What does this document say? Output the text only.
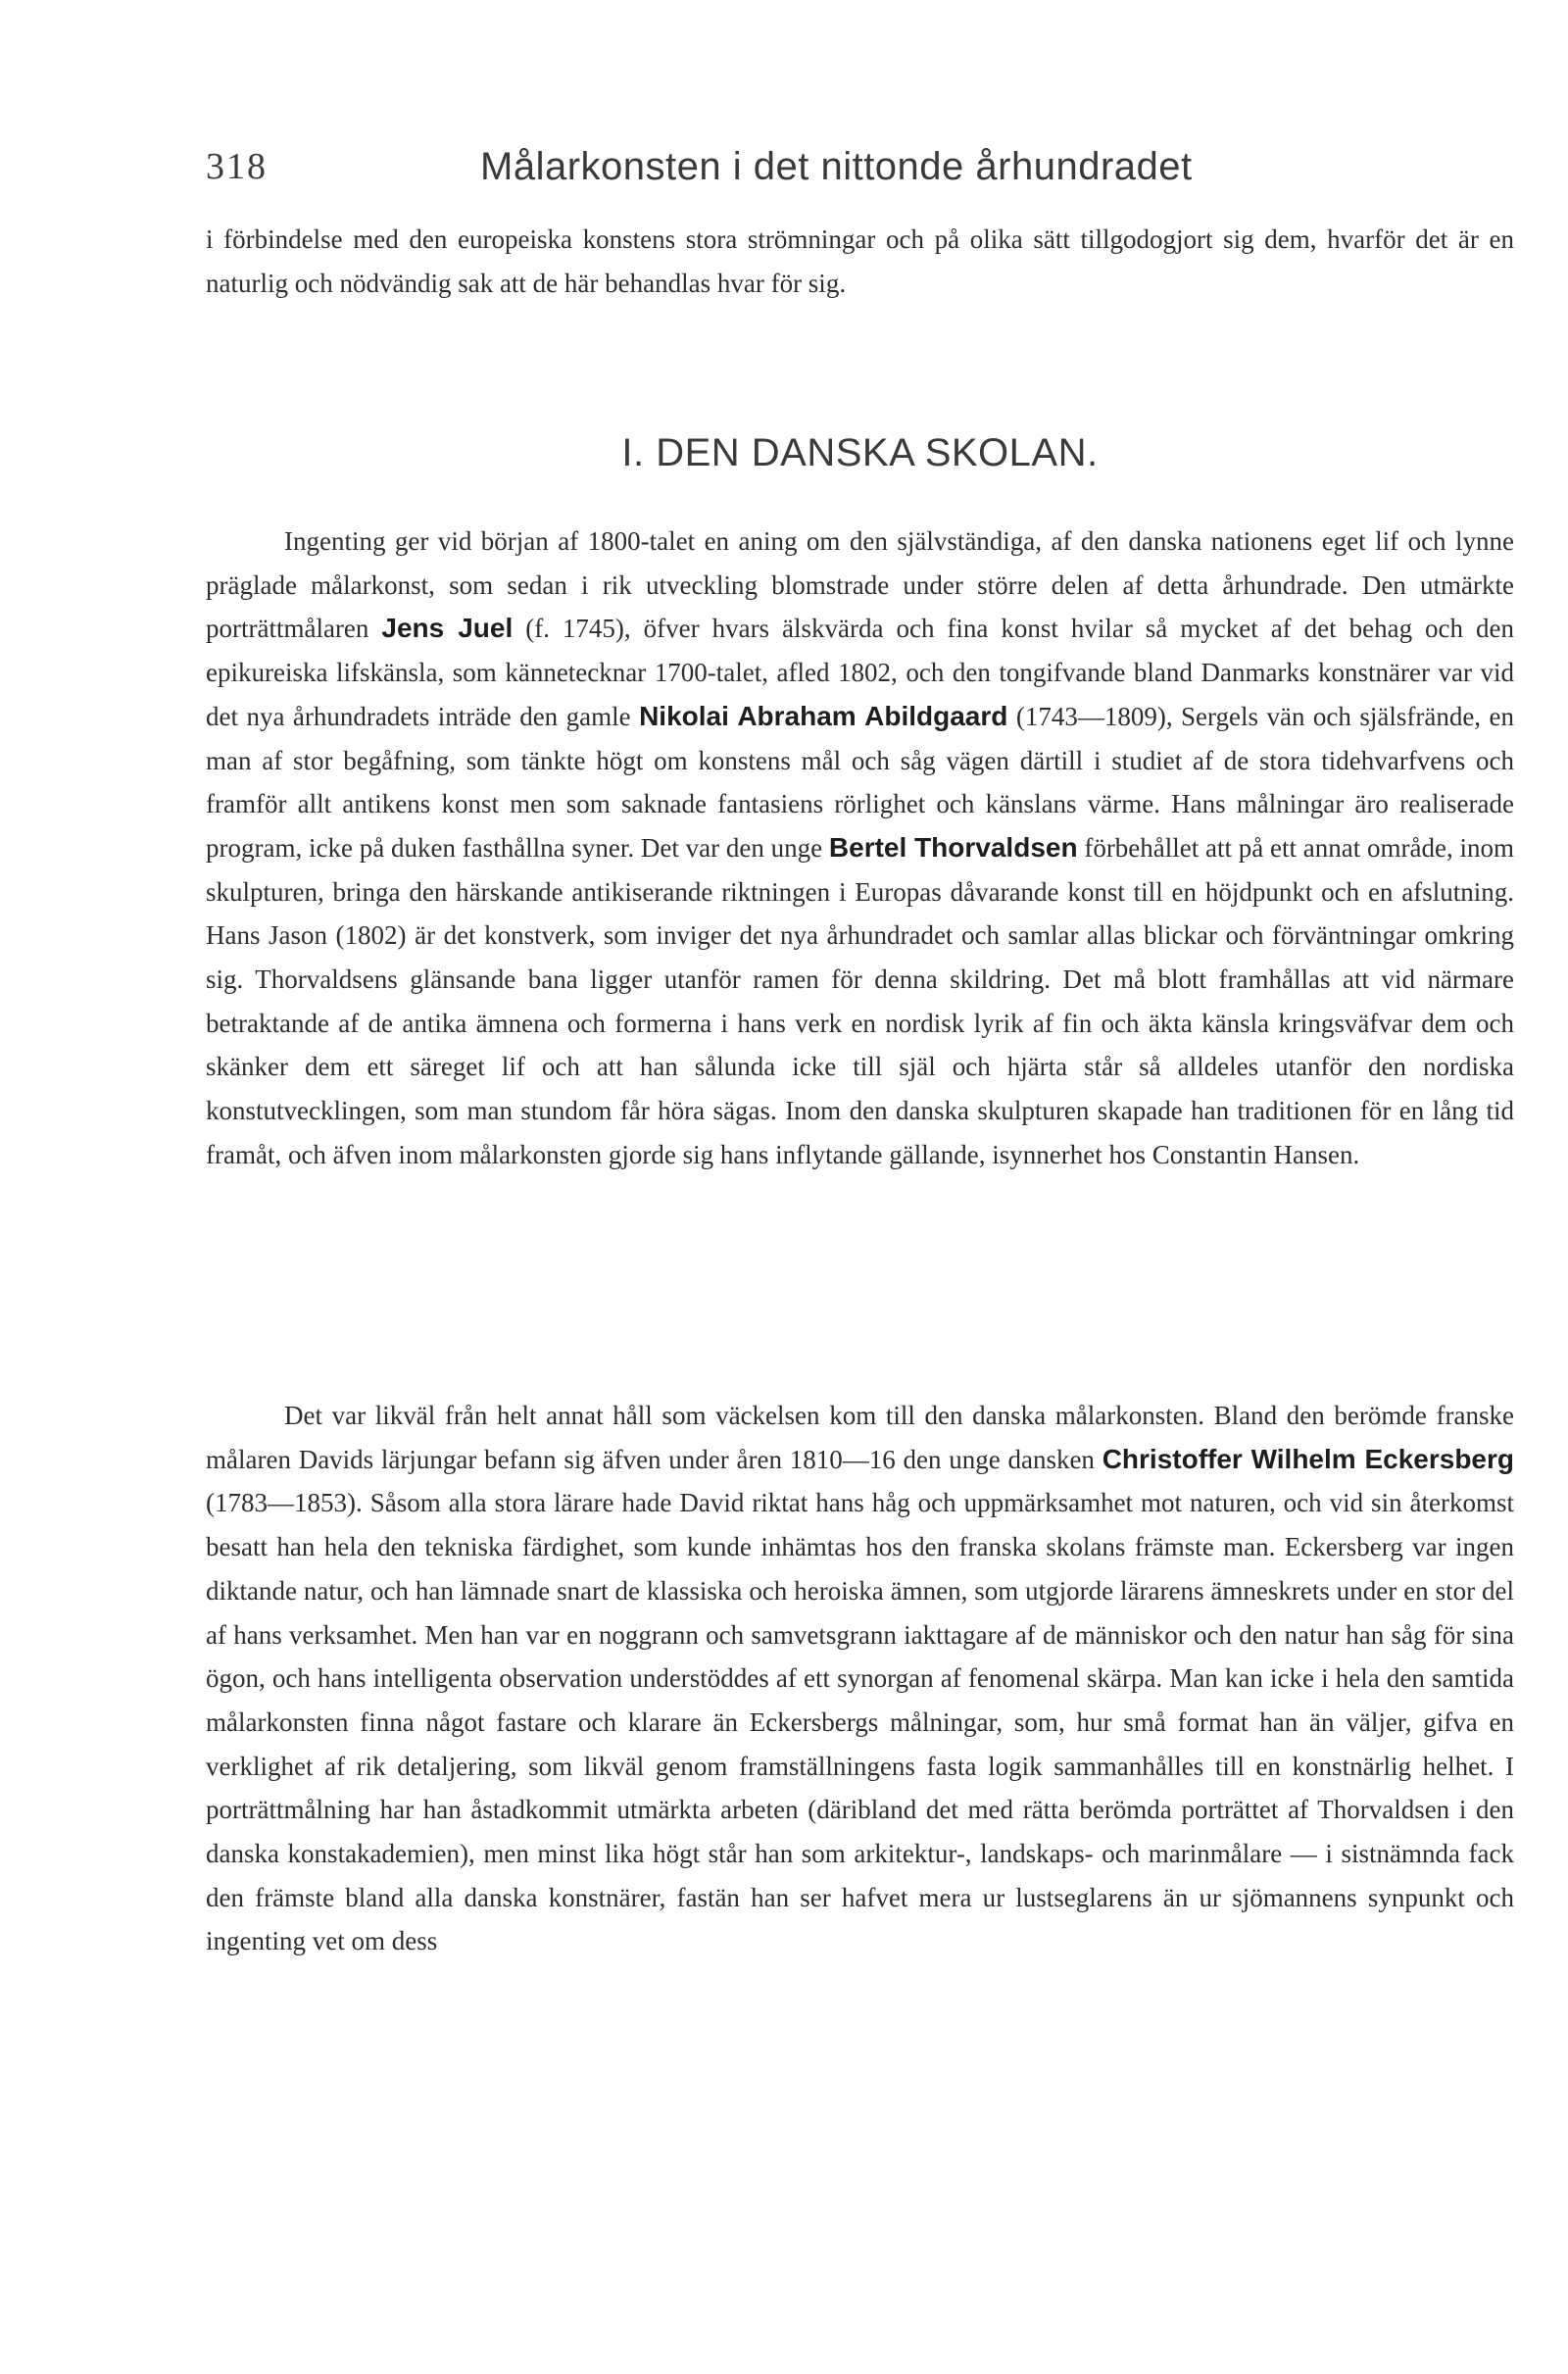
318	Målarkonsten i det nittonde århundradet

i förbindelse med den europeiska konstens stora strömningar och på olika sätt tillgodogjort sig dem, hvarför det är en naturlig och nödvändig sak att de här behandlas hvar för sig.

I. DEN DANSKA SKOLAN.

Ingenting ger vid början af 1800-talet en aning om den självständiga, af den danska nationens eget lif och lynne präglade målarkonst, som sedan i rik utveckling blomstrade under större delen af detta århundrade. Den utmärkte porträttmålaren Jens Juel (f. 1745), öfver hvars älskvärda och fina konst hvilar så mycket af det behag och den epikureiska lifskänsla, som kännetecknar 1700-talet, afled 1802, och den tongifvande bland Danmarks konstnärer var vid det nya århundradets inträde den gamle Nikolai Abraham Abildgaard (1743—1809), Sergels vän och själsfrände, en man af stor begåfning, som tänkte högt om konstens mål och såg vägen därtill i studiet af de stora tidehvarfvens och framför allt antikens konst men som saknade fantasiens rörlighet och känslans värme. Hans målningar äro realiserade program, icke på duken fasthållna syner. Det var den unge Bertel Thorvaldsen förbehållet att på ett annat område, inom skulpturen, bringa den härskande antikiserande riktningen i Europas dåvarande konst till en höjdpunkt och en afslutning. Hans Jason (1802) är det konstverk, som inviger det nya århundradet och samlar allas blickar och förväntningar omkring sig. Thorvaldsens glänsande bana ligger utanför ramen för denna skildring. Det må blott framhållas att vid närmare betraktande af de antika ämnena och formerna i hans verk en nordisk lyrik af fin och äkta känsla kringsväfvar dem och skänker dem ett säreget lif och att han sålunda icke till själ och hjärta står så alldeles utanför den nordiska konstutvecklingen, som man stundom får höra sägas. Inom den danska skulpturen skapade han traditionen för en lång tid framåt, och äfven inom målarkonsten gjorde sig hans inflytande gällande, isynnerhet hos Constantin Hansen.

Det var likväl från helt annat håll som väckelsen kom till den danska målarkonsten. Bland den berömde franske målaren Davids lärjungar befann sig äfven under åren 1810—16 den unge dansken Christoffer Wilhelm Eckersberg (1783—1853). Såsom alla stora lärare hade David riktat hans håg och uppmärksamhet mot naturen, och vid sin återkomst besatt han hela den tekniska färdighet, som kunde inhämtas hos den franska skolans främste man. Eckersberg var ingen diktande natur, och han lämnade snart de klassiska och heroiska ämnen, som utgjorde lärarens ämneskrets under en stor del af hans verksamhet. Men han var en noggrann och samvetsgrann iakttagare af de människor och den natur han såg för sina ögon, och hans intelligenta observation understöddes af ett synorgan af fenomenal skärpa. Man kan icke i hela den samtida målarkonsten finna något fastare och klarare än Eckersbergs målningar, som, hur små format han än väljer, gifva en verklighet af rik detaljering, som likväl genom framställningens fasta logik sammanhålles till en konstnärlig helhet. I porträttmålning har han åstadkommit utmärkta arbeten (däribland det med rätta berömda porträttet af Thorvaldsen i den danska konstakademien), men minst lika högt står han som arkitektur-, landskaps- och marinmålare — i sistnämnda fack den främste bland alla danska konstnärer, fastän han ser hafvet mera ur lustseglarens än ur sjömannens synpunkt och ingenting vet om dess
